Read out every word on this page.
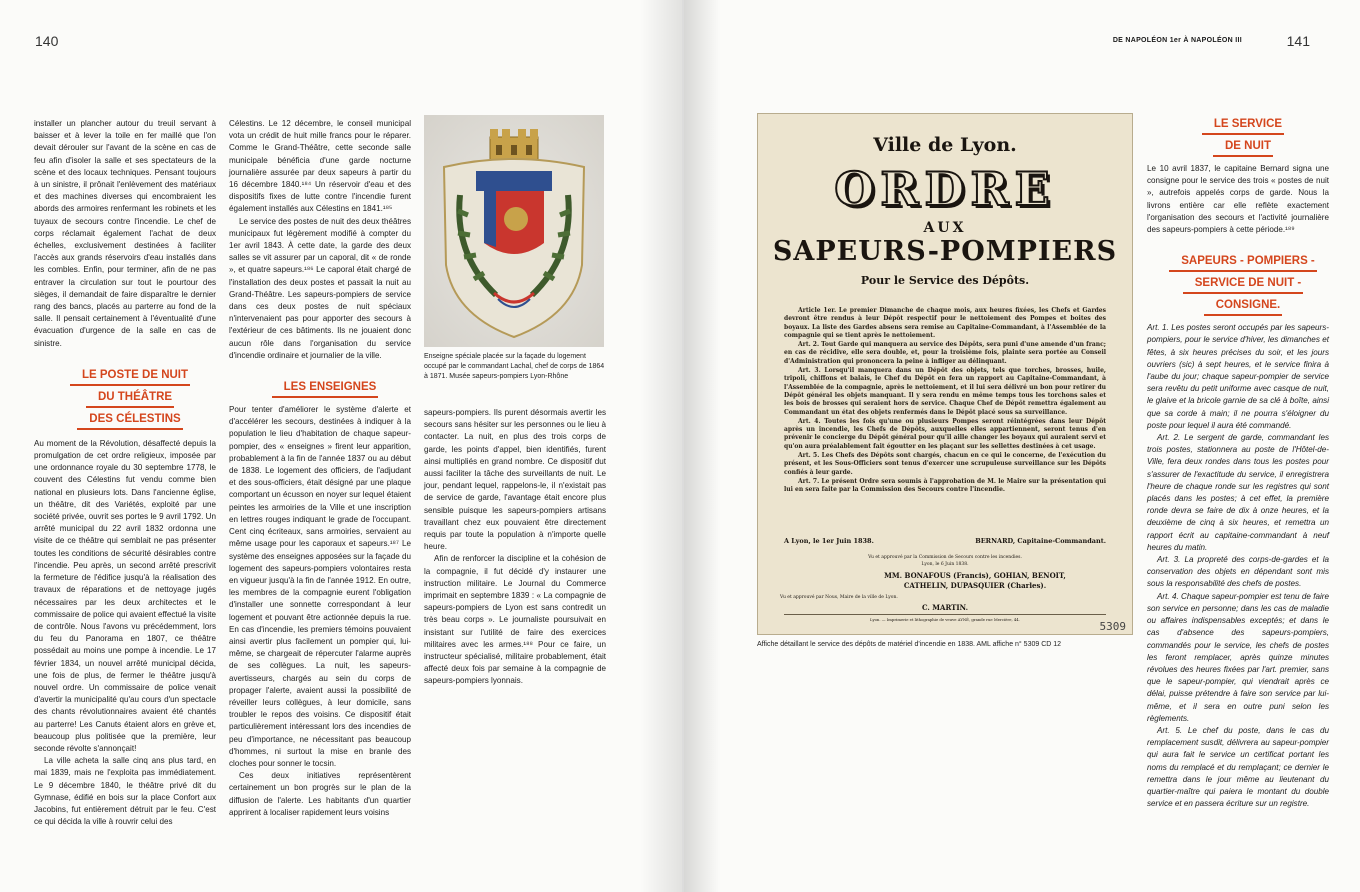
140

installer un plancher autour du treuil servant à baisser et à lever la toile en fer maillé que l'on devait dérouler sur l'avant de la scène en cas de feu afin d'isoler la salle et ses spectateurs de la scène et des locaux techniques. Pensant toujours à un sinistre, il prônait l'enlèvement des matériaux et des machines diverses qui encombraient les abords des armoires renfermant les robinets et les tuyaux de secours contre l'incendie. Le chef de corps réclamait également l'achat de deux échelles, exclusivement destinées à faciliter l'accès aux grands réservoirs d'eau installés dans les combles. Enfin, pour terminer, afin de ne pas entraver la circulation sur tout le pourtour des sièges, il demandait de faire disparaître le dernier rang des bancs, placés au parterre au fond de la salle. Il pensait certainement à l'éventualité d'une évacuation d'urgence de la salle en cas de sinistre.

LE POSTE DE NUIT

DU THÉÂTRE

DES CÉLESTINS

Au moment de la Révolution, désaffecté depuis la promulgation de cet ordre religieux, imposée par une ordonnance royale du 30 septembre 1778, le couvent des Célestins fut vendu comme bien national en plusieurs lots. Dans l'ancienne église, un théâtre, dit des Variétés, exploité par une société privée, ouvrit ses portes le 9 avril 1792. Un arrêté municipal du 22 avril 1832 ordonna une visite de ce théâtre qui semblait ne pas présenter toutes les conditions de sécurité désirables contre l'incendie. Peu après, un second arrêté prescrivit la fermeture de l'édifice jusqu'à la réalisation des travaux de réparations et de nettoyage jugés nécessaires par les deux architectes et le commissaire de police qui avaient effectué la visite de contrôle. Nous l'avons vu précédemment, lors du feu du Panorama en 1807, ce théâtre possédait au moins une pompe à incendie. Le 17 février 1834, un nouvel arrêté municipal décida, une fois de plus, de fermer le théâtre jusqu'à nouvel ordre. Un commissaire de police venait d'avertir la municipalité qu'au cours d'un spectacle des chants révolutionnaires avaient été chantés au parterre! Les Canuts étaient alors en grève et, beaucoup plus politisée que la première, leur seconde révolte s'annonçait!

La ville acheta la salle cinq ans plus tard, en mai 1839, mais ne l'exploita pas immédiatement. Le 9 décembre 1840, le théâtre privé dit du Gymnase, édifié en bois sur la place Confort aux Jacobins, fut entièrement détruit par le feu. C'est ce qui décida la ville à rouvrir celui des

Célestins. Le 12 décembre, le conseil municipal vota un crédit de huit mille francs pour le réparer. Comme le Grand-Théâtre, cette seconde salle municipale bénéficia d'une garde nocturne journalière assurée par deux sapeurs à partir du 16 décembre 1840.¹⁸⁴ Un réservoir d'eau et des dispositifs fixes de lutte contre l'incendie furent également installés aux Célestins en 1841.¹⁸⁵

Le service des postes de nuit des deux théâtres municipaux fut légèrement modifié à compter du 1er avril 1843. À cette date, la garde des deux salles se vit assurer par un caporal, dit « de ronde », et quatre sapeurs.¹⁸⁶ Le caporal était chargé de l'installation des deux postes et passait la nuit au Grand-Théâtre. Les sapeurs-pompiers de service dans ces deux postes de nuit spéciaux n'intervenaient pas pour apporter des secours à l'extérieur de ces bâtiments. Ils ne jouaient donc aucun rôle dans l'organisation du service d'incendie ordinaire et journalier de la ville.

LES ENSEIGNES

Pour tenter d'améliorer le système d'alerte et d'accélérer les secours, destinées à indiquer à la population le lieu d'habitation de chaque sapeur-pompier, des « enseignes » firent leur apparition, probablement à la fin de l'année 1837 ou au début de 1838. Le logement des officiers, de l'adjudant et des sous-officiers, était désigné par une plaque comportant un écusson en noyer sur lequel étaient peintes les armoiries de la Ville et une inscription en lettres rouges indiquant le grade de l'occupant. Cent cinq écriteaux, sans armoiries, servaient au même usage pour les caporaux et sapeurs.¹⁸⁷ Le système des enseignes apposées sur la façade du logement des sapeurs-pompiers volontaires resta en vigueur jusqu'à la fin de l'année 1912. En outre, les membres de la compagnie eurent l'obligation d'installer une sonnette correspondant à leur logement et pouvant être actionnée depuis la rue. En cas d'incendie, les premiers témoins pouvaient ainsi avertir plus facilement un pompier qui, lui-même, se chargeait de répercuter l'alarme auprès de ses collègues. La nuit, les sapeurs-avertisseurs, chargés au sein du corps de propager l'alerte, avaient aussi la possibilité de réveiller leurs collègues, à leur domicile, sans troubler le repos des voisins. Ce dispositif était particulièrement intéressant lors des incendies de peu d'importance, ne nécessitant pas beaucoup d'hommes, ni surtout la mise en branle des cloches pour sonner le tocsin.

Ces deux initiatives représentèrent certainement un bon progrès sur le plan de la diffusion de l'alerte. Les habitants d'un quartier apprirent à localiser rapidement leurs voisins

Enseigne spéciale placée sur la façade du logement occupé par le commandant Lachal, chef de corps de 1864 à 1871. Musée sapeurs-pompiers Lyon-Rhône

sapeurs-pompiers. Ils purent désormais avertir les secours sans hésiter sur les personnes ou le lieu à contacter. La nuit, en plus des trois corps de garde, les points d'appel, bien identifiés, furent ainsi multipliés en grand nombre. Ce dispositif dut aussi faciliter la tâche des surveillants de nuit. Le jour, pendant lequel, rappelons-le, il n'existait pas de service de garde, l'avantage était encore plus sensible puisque les sapeurs-pompiers artisans travaillant chez eux pouvaient être directement requis par toute la population à n'importe quelle heure.

Afin de renforcer la discipline et la cohésion de la compagnie, il fut décidé d'y instaurer une instruction militaire. Le Journal du Commerce imprimait en septembre 1839 : « La compagnie de sapeurs-pompiers de Lyon est sans contredit un très beau corps ». Le journaliste poursuivait en insistant sur l'utilité de faire des exercices militaires avec les armes.¹⁸⁸ Pour ce faire, un instructeur spécialisé, militaire probablement, était affecté deux fois par semaine à la compagnie de sapeurs-pompiers lyonnais.

DE NAPOLÉON 1er À NAPOLÉON III	141
Ville de Lyon.
ORDRE
AUX
SAPEURS-POMPIERS
Pour le Service des Dépôts.

Article 1er. Le premier Dimanche de chaque mois, aux heures fixées, les Chefs et Gardes devront être rendus à leur Dépôt respectif pour le nettoiement des Pompes et boites des boyaux. La liste des Gardes absens sera remise au Capitaine-Commandant, à l'Assemblée de la compagnie qui se tient après le nettoiement.

Art. 2. Tout Garde qui manquera au service des Dépôts, sera puni d'une amende d'un franc; en cas de récidive, elle sera double, et, pour la troisième fois, plainte sera portée au Conseil d'Administration qui prononcera la peine à infliger au délinquant.

Art. 3. Lorsqu'il manquera dans un Dépôt des objets, tels que torches, brosses, huile, tripoli, chiffons et balais, le Chef du Dépôt en fera un rapport au Capitaine-Commandant, à l'Assemblée de la compagnie, après le nettoiement, et il lui sera délivré un bon pour retirer du Dépôt général les objets manquant. Il y sera rendu en même temps tous les torchons sales et les bois de brosses qui seraient hors de service. Chaque Chef de Dépôt remettra également au Commandant un état des objets renfermés dans le Dépôt placé sous sa surveillance.

Art. 4. Toutes les fois qu'une ou plusieurs Pompes seront réintégrées dans leur Dépôt après un incendie, les Chefs de Dépôts, auxquelles elles appartiennent, seront tenus d'en prévenir le concierge du Dépôt général pour qu'il aille changer les boyaux qui auraient servi et qu'on aura préalablement fait égoutter en les plaçant sur les sellettes destinées à cet usage.

Art. 5. Les Chefs des Dépôts sont chargés, chacun en ce qui le concerne, de l'exécution du présent, et les Sous-Officiers sont tenus d'exercer une scrupuleuse surveillance sur les Dépôts confiés à leur garde.

Art. 7. Le présent Ordre sera soumis à l'approbation de M. le Maire sur la présentation qui lui en sera faite par la Commission des Secours contre l'incendie.

A Lyon, le 1er Juin 1838.	BERNARD, Capitaine-Commandant.
Vu et approuvé par la Commission de Secours contre les incendies.
Lyon, le 6 Juin 1838.
MM. BONAFOUS (Francis), GOHIAN, BENOIT,
CATHELIN, DUPASQUIER (Charles).
Vu et approuvé par Nous, Maire de la ville de Lyon.
C. MARTIN.
Lyon. — Imprimerie et lithographie de veuve AYNÉ, grande rue Mercière, 44.
5309
Affiche détaillant le service des dépôts de matériel d'incendie en 1838. AML affiche n° 5309 CD 12

LE SERVICE

DE NUIT

Le 10 avril 1837, le capitaine Bernard signa une consigne pour le service des trois « postes de nuit », autrefois appelés corps de garde. Nous la livrons entière car elle reflète exactement l'organisation des secours et l'activité journalière des sapeurs-pompiers à cette période.¹⁸⁹

SAPEURS - POMPIERS -

SERVICE DE NUIT -

CONSIGNE.

Art. 1. Les postes seront occupés par les sapeurs-pompiers, pour le service d'hiver, les dimanches et fêtes, à six heures précises du soir, et les jours ouvriers (sic) à sept heures, et le service finira à l'aube du jour; chaque sapeur-pompier de service sera revêtu du petit uniforme avec casque de nuit, le glaive et la bricole garnie de sa clé à boîte, ainsi que sa corde à main; il ne pourra s'éloigner du poste pour lequel il aura été commandé.

Art. 2. Le sergent de garde, commandant les trois postes, stationnera au poste de l'Hôtel-de-Ville, fera deux rondes dans tous les postes pour s'assurer de l'exactitude du service, il enregistrera l'heure de chaque ronde sur les registres qui sont placés dans les postes; à cet effet, la première ronde devra se faire de dix à onze heures, et la deuxième de cinq à six heures, et remettra un rapport écrit au capitaine-commandant à neuf heures du matin.

Art. 3. La propreté des corps-de-gardes et la conservation des objets en dépendant sont mis sous la responsabilité des chefs de postes.

Art. 4. Chaque sapeur-pompier est tenu de faire son service en personne; dans les cas de maladie ou affaires indispensables exceptés; et dans le cas d'absence des sapeurs-pompiers, commandés pour le service, les chefs de postes les feront remplacer, après quinze minutes révolues des heures fixées par l'art. premier, sans que le sapeur-pompier, qui viendrait après ce délai, puisse prétendre à faire son service par lui-même, et il sera en outre puni selon les règlements.

Art. 5. Le chef du poste, dans le cas du remplacement susdit, délivrera au sapeur-pompier qui aura fait le service un certificat portant les noms du remplacé et du remplaçant; ce dernier le remettra dans le jour même au lieutenant du quartier-maître qui paiera le montant du double service et en passera écriture sur un registre.
